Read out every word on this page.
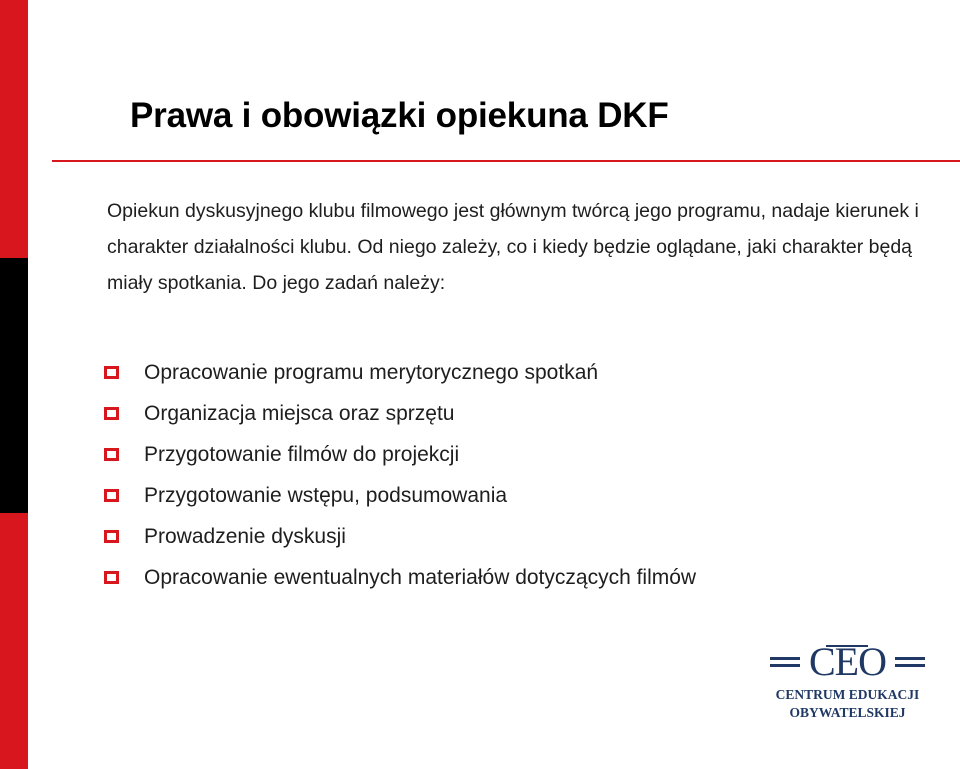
Prawa i obowiązki opiekuna DKF

Opiekun dyskusyjnego klubu filmowego jest głównym twórcą jego programu, nadaje kierunek i charakter działalności klubu. Od niego zależy, co i kiedy będzie oglądane, jaki charakter będą miały spotkania. Do jego zadań należy:

Opracowanie programu merytorycznego spotkań
Organizacja miejsca oraz sprzętu
Przygotowanie filmów do projekcji
Przygotowanie wstępu, podsumowania
Prowadzenie dyskusji
Opracowanie ewentualnych materiałów dotyczących filmów
CEO
CENTRUM EDUKACJI
OBYWATELSKIEJ
